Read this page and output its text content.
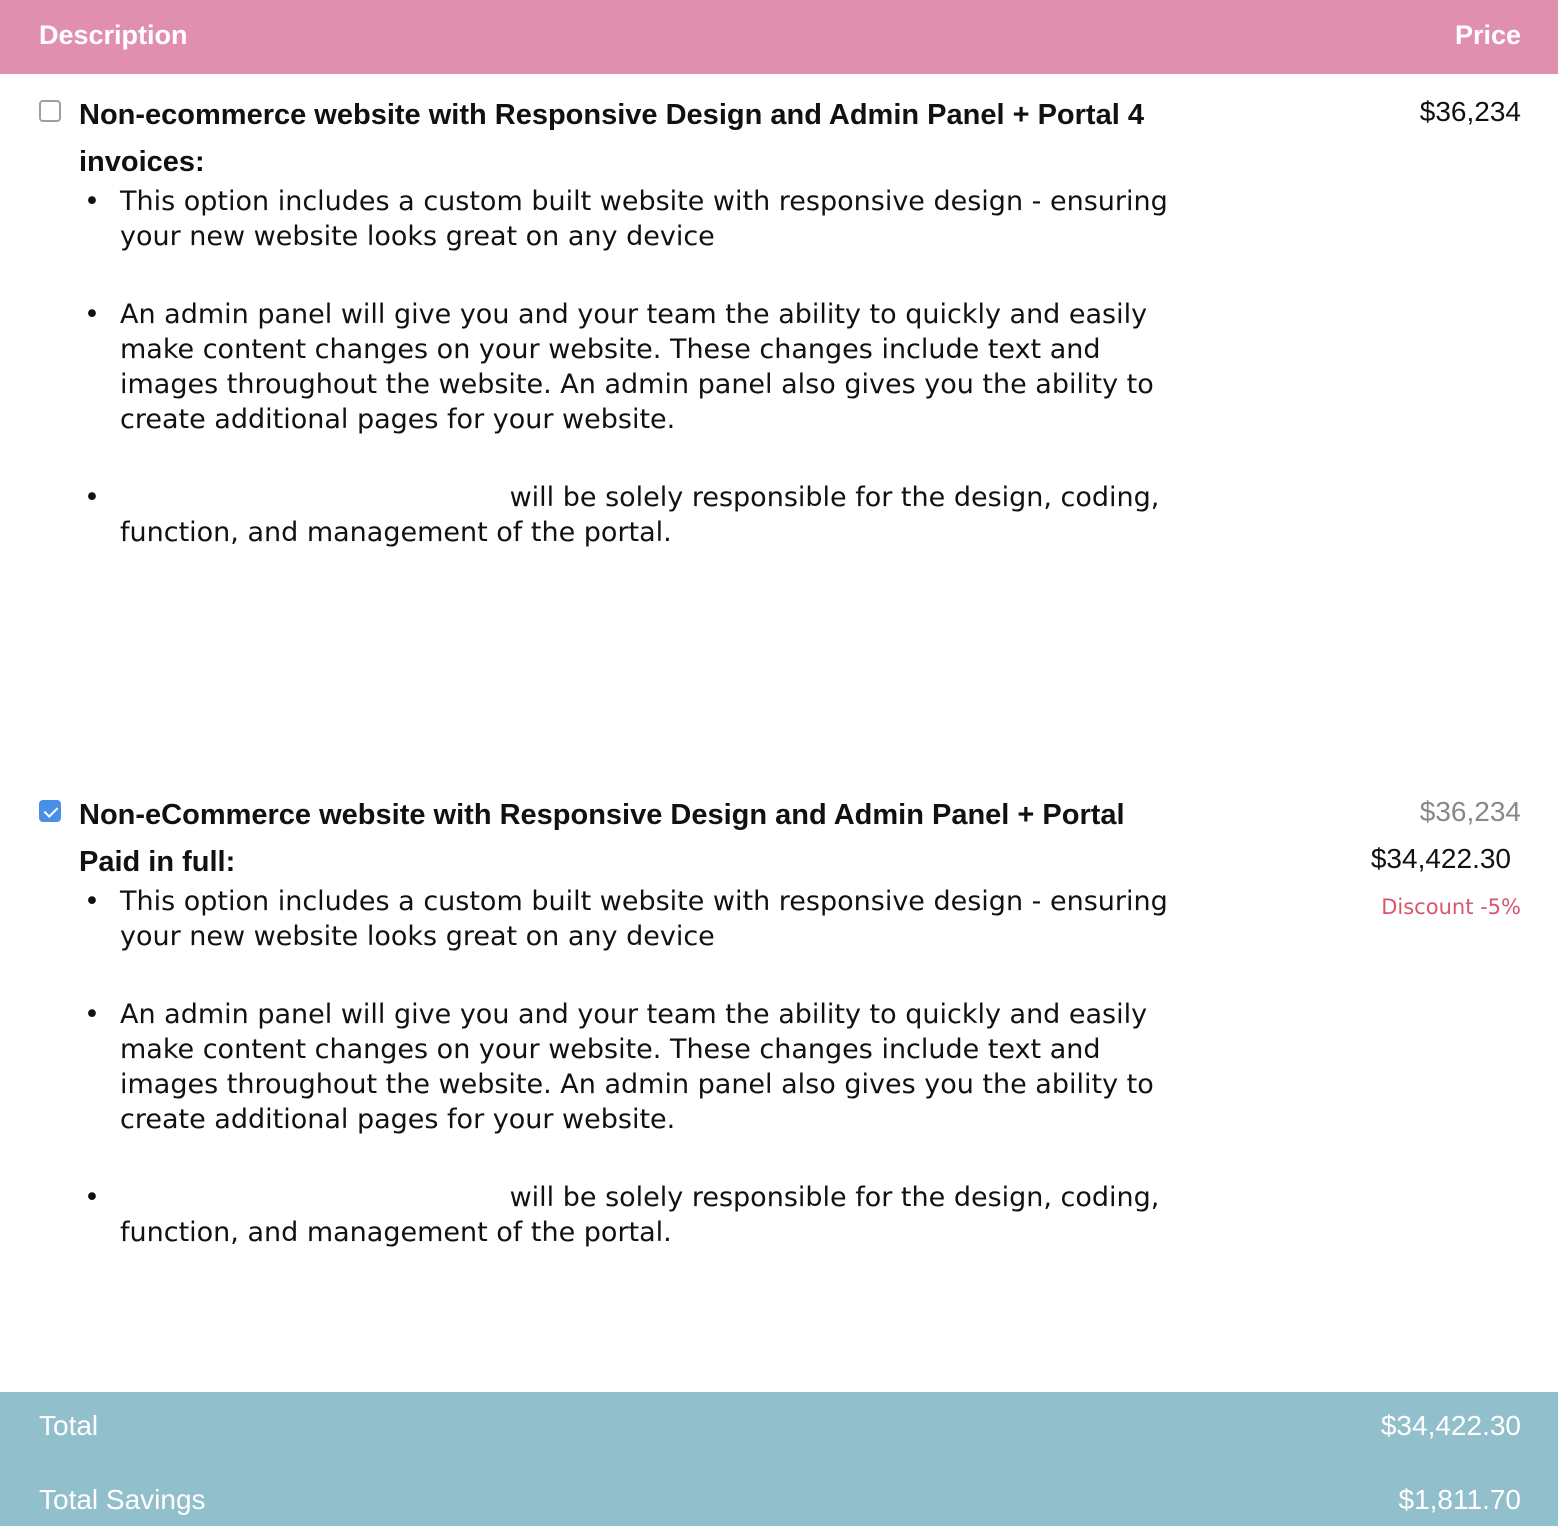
Description	Price

Non-ecommerce website with Responsive Design and Admin Panel + Portal 4 invoices:

• This option includes a custom built website with responsive design - ensuring your new website looks great on any device
• An admin panel will give you and your team the ability to quickly and easily make content changes on your website. These changes include text and images throughout the website. An admin panel also gives you the ability to create additional pages for your website.
• will be solely responsible for the design, coding, function, and management of the portal.
$36,234

Non-eCommerce website with Responsive Design and Admin Panel + Portal Paid in full:

• This option includes a custom built website with responsive design - ensuring your new website looks great on any device
• An admin panel will give you and your team the ability to quickly and easily make content changes on your website. These changes include text and images throughout the website. An admin panel also gives you the ability to create additional pages for your website.
• will be solely responsible for the design, coding, function, and management of the portal.
$36,234
$34,422.30
Discount -5%
Total	$34,422.30
Total Savings	$1,811.70
